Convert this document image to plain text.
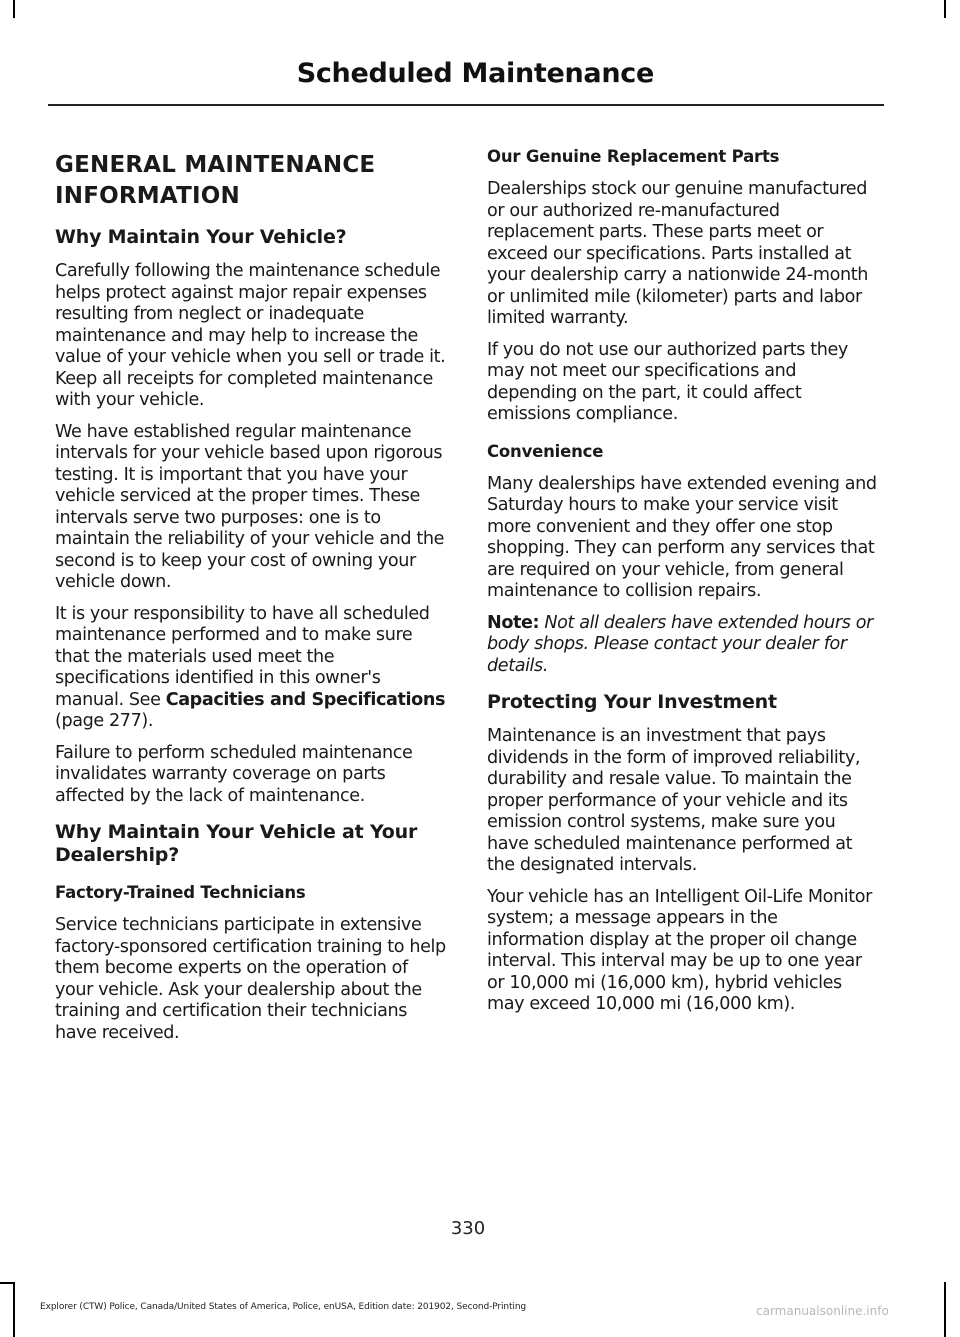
Scheduled Maintenance
GENERAL MAINTENANCE
INFORMATION
Why Maintain Your Vehicle?

Carefully following the maintenance schedule helps protect against major repair expenses resulting from neglect or inadequate maintenance and may help to increase the value of your vehicle when you sell or trade it. Keep all receipts for completed maintenance with your vehicle.

We have established regular maintenance intervals for your vehicle based upon rigorous testing. It is important that you have your vehicle serviced at the proper times. These intervals serve two purposes: one is to maintain the reliability of your vehicle and the second is to keep your cost of owning your vehicle down.

It is your responsibility to have all scheduled maintenance performed and to make sure that the materials used meet the specifications identified in this owner's manual. See Capacities and Specifications (page 277).

Failure to perform scheduled maintenance invalidates warranty coverage on parts affected by the lack of maintenance.

Why Maintain Your Vehicle at Your Dealership?
Factory-Trained Technicians

Service technicians participate in extensive factory-sponsored certification training to help them become experts on the operation of your vehicle. Ask your dealership about the training and certification their technicians have received.

Our Genuine Replacement Parts

Dealerships stock our genuine manufactured or our authorized re-manufactured replacement parts. These parts meet or exceed our specifications. Parts installed at your dealership carry a nationwide 24-month or unlimited mile (kilometer) parts and labor limited warranty.

If you do not use our authorized parts they may not meet our specifications and depending on the part, it could affect emissions compliance.

Convenience

Many dealerships have extended evening and Saturday hours to make your service visit more convenient and they offer one stop shopping. They can perform any services that are required on your vehicle, from general maintenance to collision repairs.

Note: Not all dealers have extended hours or body shops. Please contact your dealer for details.

Protecting Your Investment

Maintenance is an investment that pays dividends in the form of improved reliability, durability and resale value. To maintain the proper performance of your vehicle and its emission control systems, make sure you have scheduled maintenance performed at the designated intervals.

Your vehicle has an Intelligent Oil-Life Monitor system; a message appears in the information display at the proper oil change interval. This interval may be up to one year or 10,000 mi (16,000 km), hybrid vehicles may exceed 10,000 mi (16,000 km).

330
Explorer (CTW) Police, Canada/United States of America, Police, enUSA, Edition date: 201902, Second-Printing	carmanualsonline.info
